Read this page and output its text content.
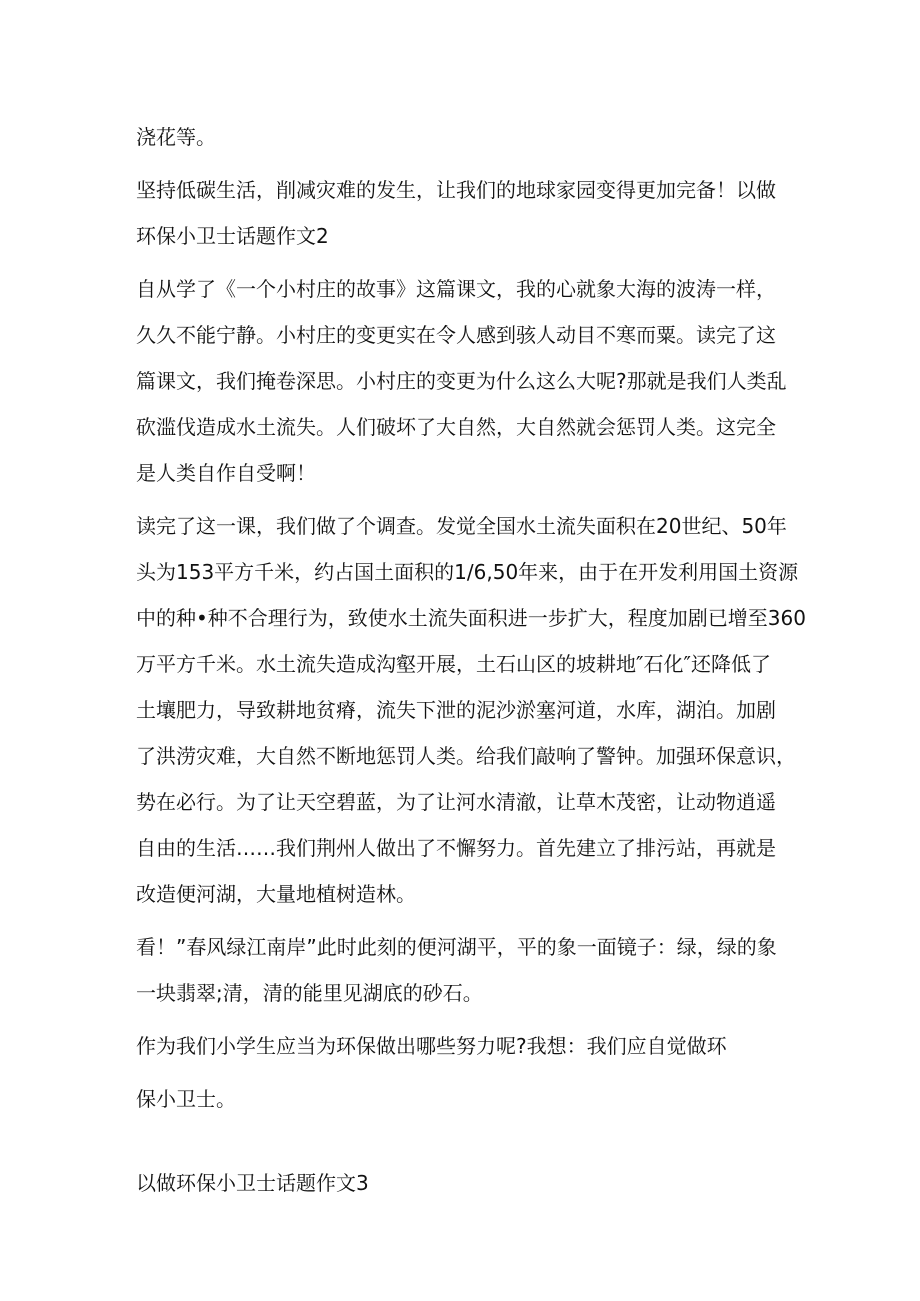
浇花等。
坚持低碳生活，削减灾难的发生，让我们的地球家园变得更加完备！以做
环保小卫士话题作文2
自从学了《一个小村庄的故事》这篇课文，我的心就象大海的波涛一样，
久久不能宁静。小村庄的变更实在令人感到骇人动目不寒而粟。读完了这
篇课文，我们掩卷深思。小村庄的变更为什么这么大呢?那就是我们人类乱
砍滥伐造成水土流失。人们破坏了大自然，大自然就会惩罚人类。这完全
是人类自作自受啊！
读完了这一课，我们做了个调查。发觉全国水土流失面积在20世纪、50年
头为153平方千米，约占国土面积的1/6,50年来，由于在开发利用国土资源
中的种•种不合理行为，致使水土流失面积进一步扩大，程度加剧已增至360
万平方千米。水土流失造成沟壑开展，土石山区的坡耕地″石化″还降低了
土壤肥力，导致耕地贫瘠，流失下泄的泥沙淤塞河道，水库，湖泊。加剧
了洪涝灾难，大自然不断地惩罚人类。给我们敲响了警钟。加强环保意识，
势在必行。为了让天空碧蓝，为了让河水清澈，让草木茂密，让动物逍遥
自由的生活……我们荆州人做出了不懈努力。首先建立了排污站，再就是
改造便河湖，大量地植树造林。
看！”春风绿江南岸”此时此刻的便河湖平，平的象一面镜子：绿，绿的象
一块翡翠;清，清的能里见湖底的砂石。
作为我们小学生应当为环保做出哪些努力呢?我想：我们应自觉做环
保小卫士。
以做环保小卫士话题作文3
